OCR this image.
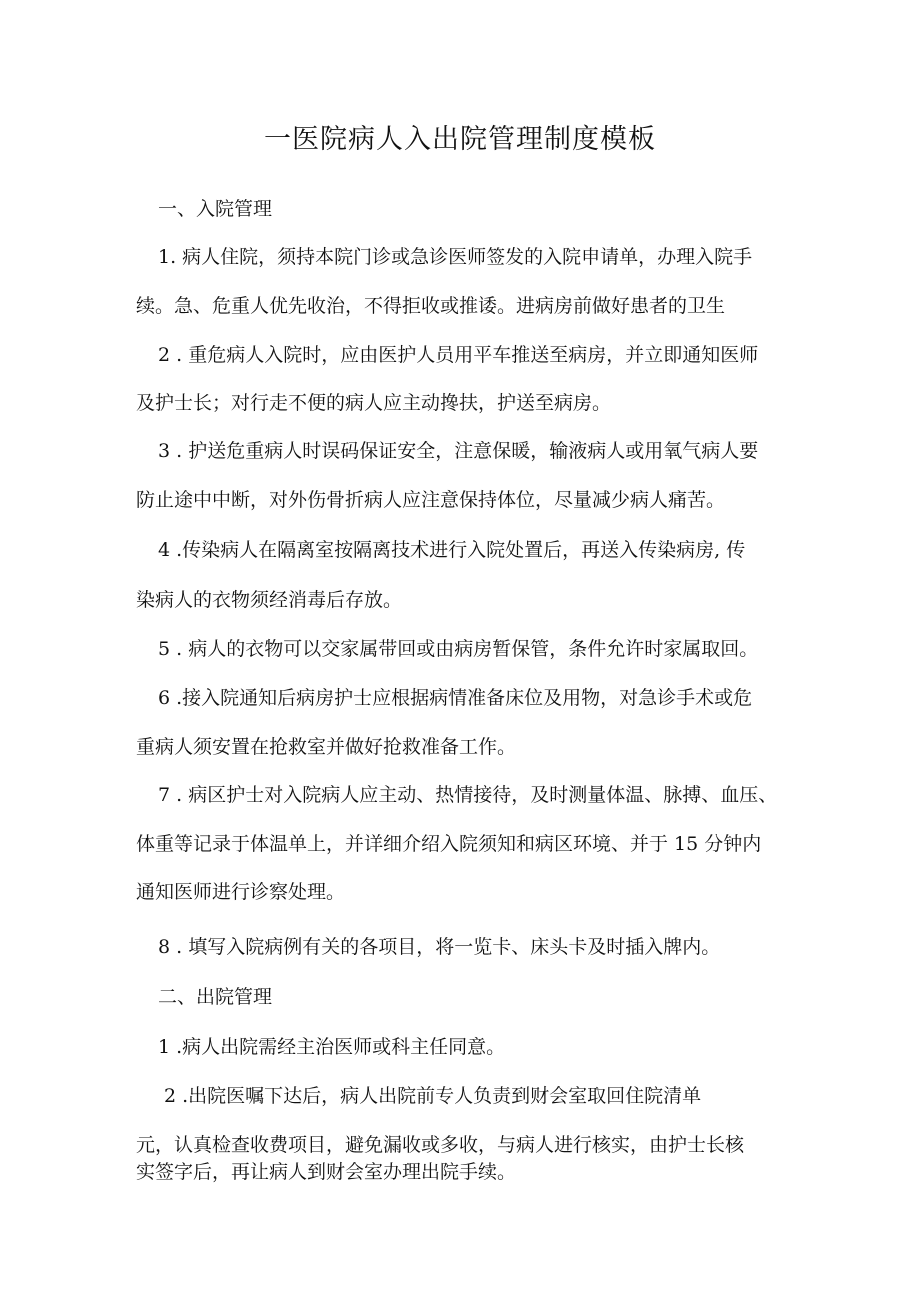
一医院病人入出院管理制度模板
一、入院管理
1. 病人住院，须持本院门诊或急诊医师签发的入院申请单，办理入院手
续。急、危重人优先收治，不得拒收或推诿。进病房前做好患者的卫生
2 . 重危病人入院时，应由医护人员用平车推送至病房，并立即通知医师
及护士长；对行走不便的病人应主动搀扶，护送至病房。
3 . 护送危重病人时误码保证安全，注意保暖，输液病人或用氧气病人要
防止途中中断，对外伤骨折病人应注意保持体位，尽量减少病人痛苦。
4 .传染病人在隔离室按隔离技术进行入院处置后，再送入传染病房, 传
染病人的衣物须经消毒后存放。
5 . 病人的衣物可以交家属带回或由病房暂保管，条件允许时家属取回。
6 .接入院通知后病房护士应根据病情准备床位及用物，对急诊手术或危
重病人须安置在抢救室并做好抢救准备工作。
7 . 病区护士对入院病人应主动、热情接待，及时测量体温、脉搏、血压、
体重等记录于体温单上，并详细介绍入院须知和病区环境、并于 15 分钟内
通知医师进行诊察处理。
8 . 填写入院病例有关的各项目，将一览卡、床头卡及时插入牌内。
二、出院管理
1 .病人出院需经主治医师或科主任同意。
2 .出院医嘱下达后，病人出院前专人负责到财会室取回住院清单
元，认真检查收费项目，避免漏收或多收，与病人进行核实，由护士长核
实签字后，再让病人到财会室办理出院手续。
